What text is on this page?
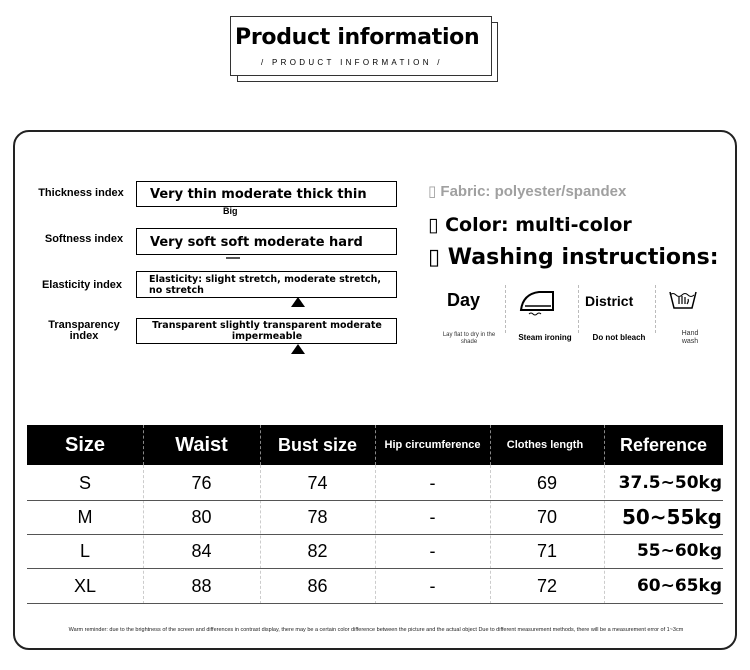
Product information
/ PRODUCT INFORMATION /
Thickness index Very thin moderate thick thin
Big
Softness index	Very soft soft moderate hard
Elasticity index	Elasticity: slight stretch, moderate stretch, no stretch
Transparency index
Transparent slightly transparent moderate impermeable
▯ Fabric: polyester/spandex
▯ Color: multi-color
▯ Washing instructions:
Day
Lay flat to dry in the shade	Steam ironing
District
Do not bleach	Hand wash
Size	Waist	Bust size	Hip circumference	Clothes length	Reference
S	76	74	-	69	37.5~50kg
M	80	78	-	70	50~55kg
L	84	82	-	71	55~60kg
XL	88	86	-	72	60~65kg
Warm reminder: due to the brightness of the screen and differences in contrast display, there may be a certain color difference between the picture and the actual object Due to different measurement methods, there will be a measurement error of 1~3cm
